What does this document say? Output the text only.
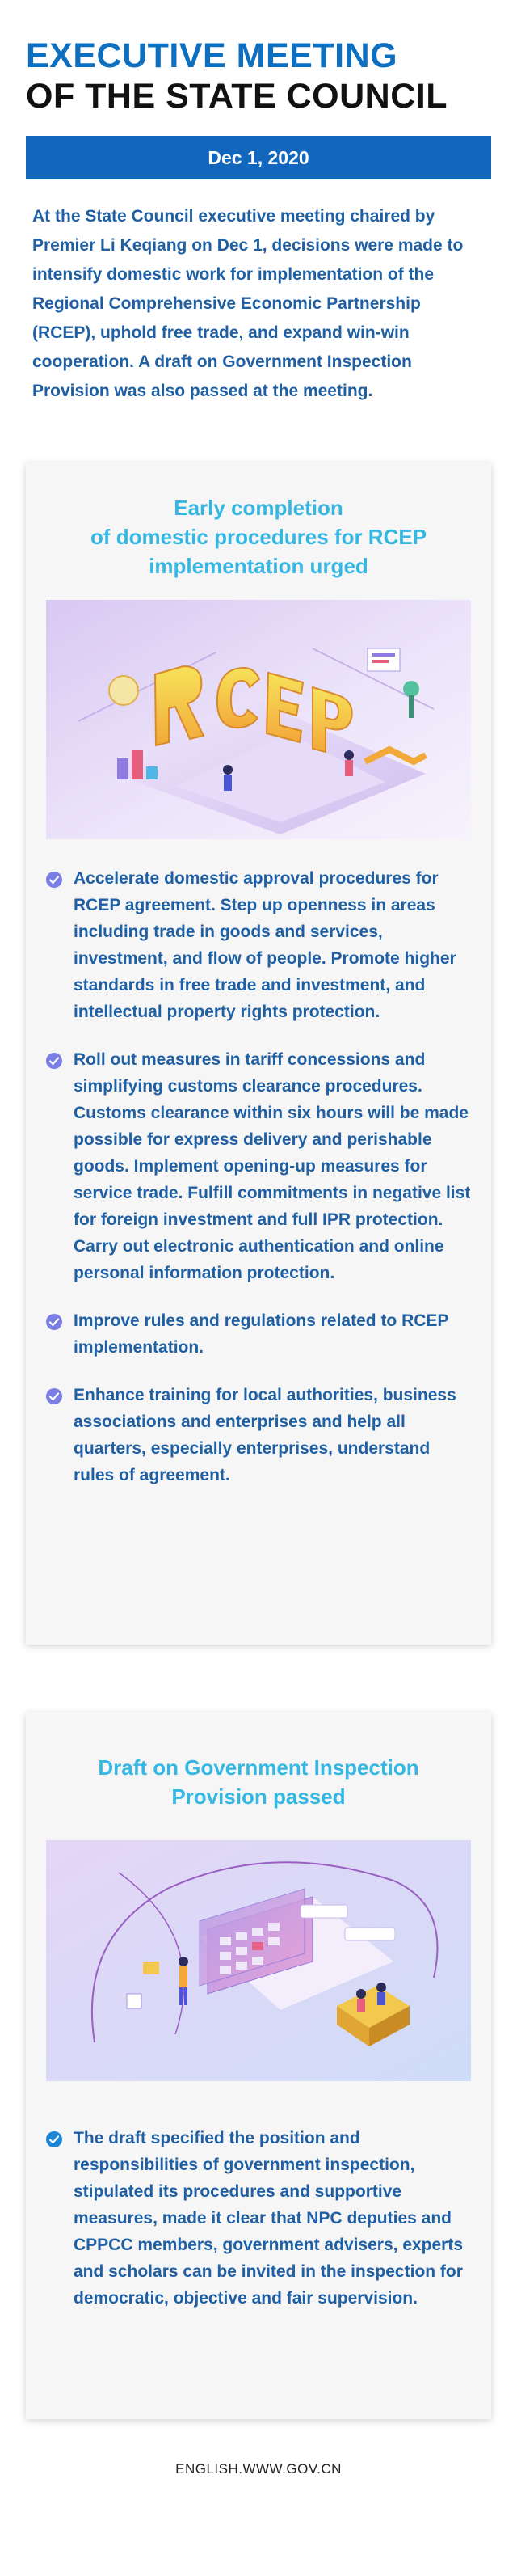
EXECUTIVE MEETING
OF THE STATE COUNCIL
Dec 1, 2020

At the State Council executive meeting chaired by Premier Li Keqiang on Dec 1, decisions were made to intensify domestic work for implementation of the Regional Comprehensive Economic Partnership (RCEP), uphold free trade, and expand win-win cooperation. A draft on Government Inspection Provision was also passed at the meeting.

Early completion
of domestic procedures for RCEP
implementation urged

Accelerate domestic approval procedures for RCEP agreement. Step up openness in areas including trade in goods and services, investment, and flow of people. Promote higher standards in free trade and investment, and intellectual property rights protection.

Roll out measures in tariff concessions and simplifying customs clearance procedures. Customs clearance within six hours will be made possible for express delivery and perishable goods. Implement opening-up measures for service trade. Fulfill commitments in negative list for foreign investment and full IPR protection. Carry out electronic authentication and online personal information protection.

Improve rules and regulations related to RCEP implementation.

Enhance training for local authorities, business associations and enterprises and help all quarters, especially enterprises, understand rules of agreement.

Draft on Government Inspection
Provision passed

The draft specified the position and responsibilities of government inspection, stipulated its procedures and supportive measures, made it clear that NPC deputies and CPPCC members, government advisers, experts and scholars can be invited in the inspection for democratic, objective and fair supervision.

ENGLISH.WWW.GOV.CN
